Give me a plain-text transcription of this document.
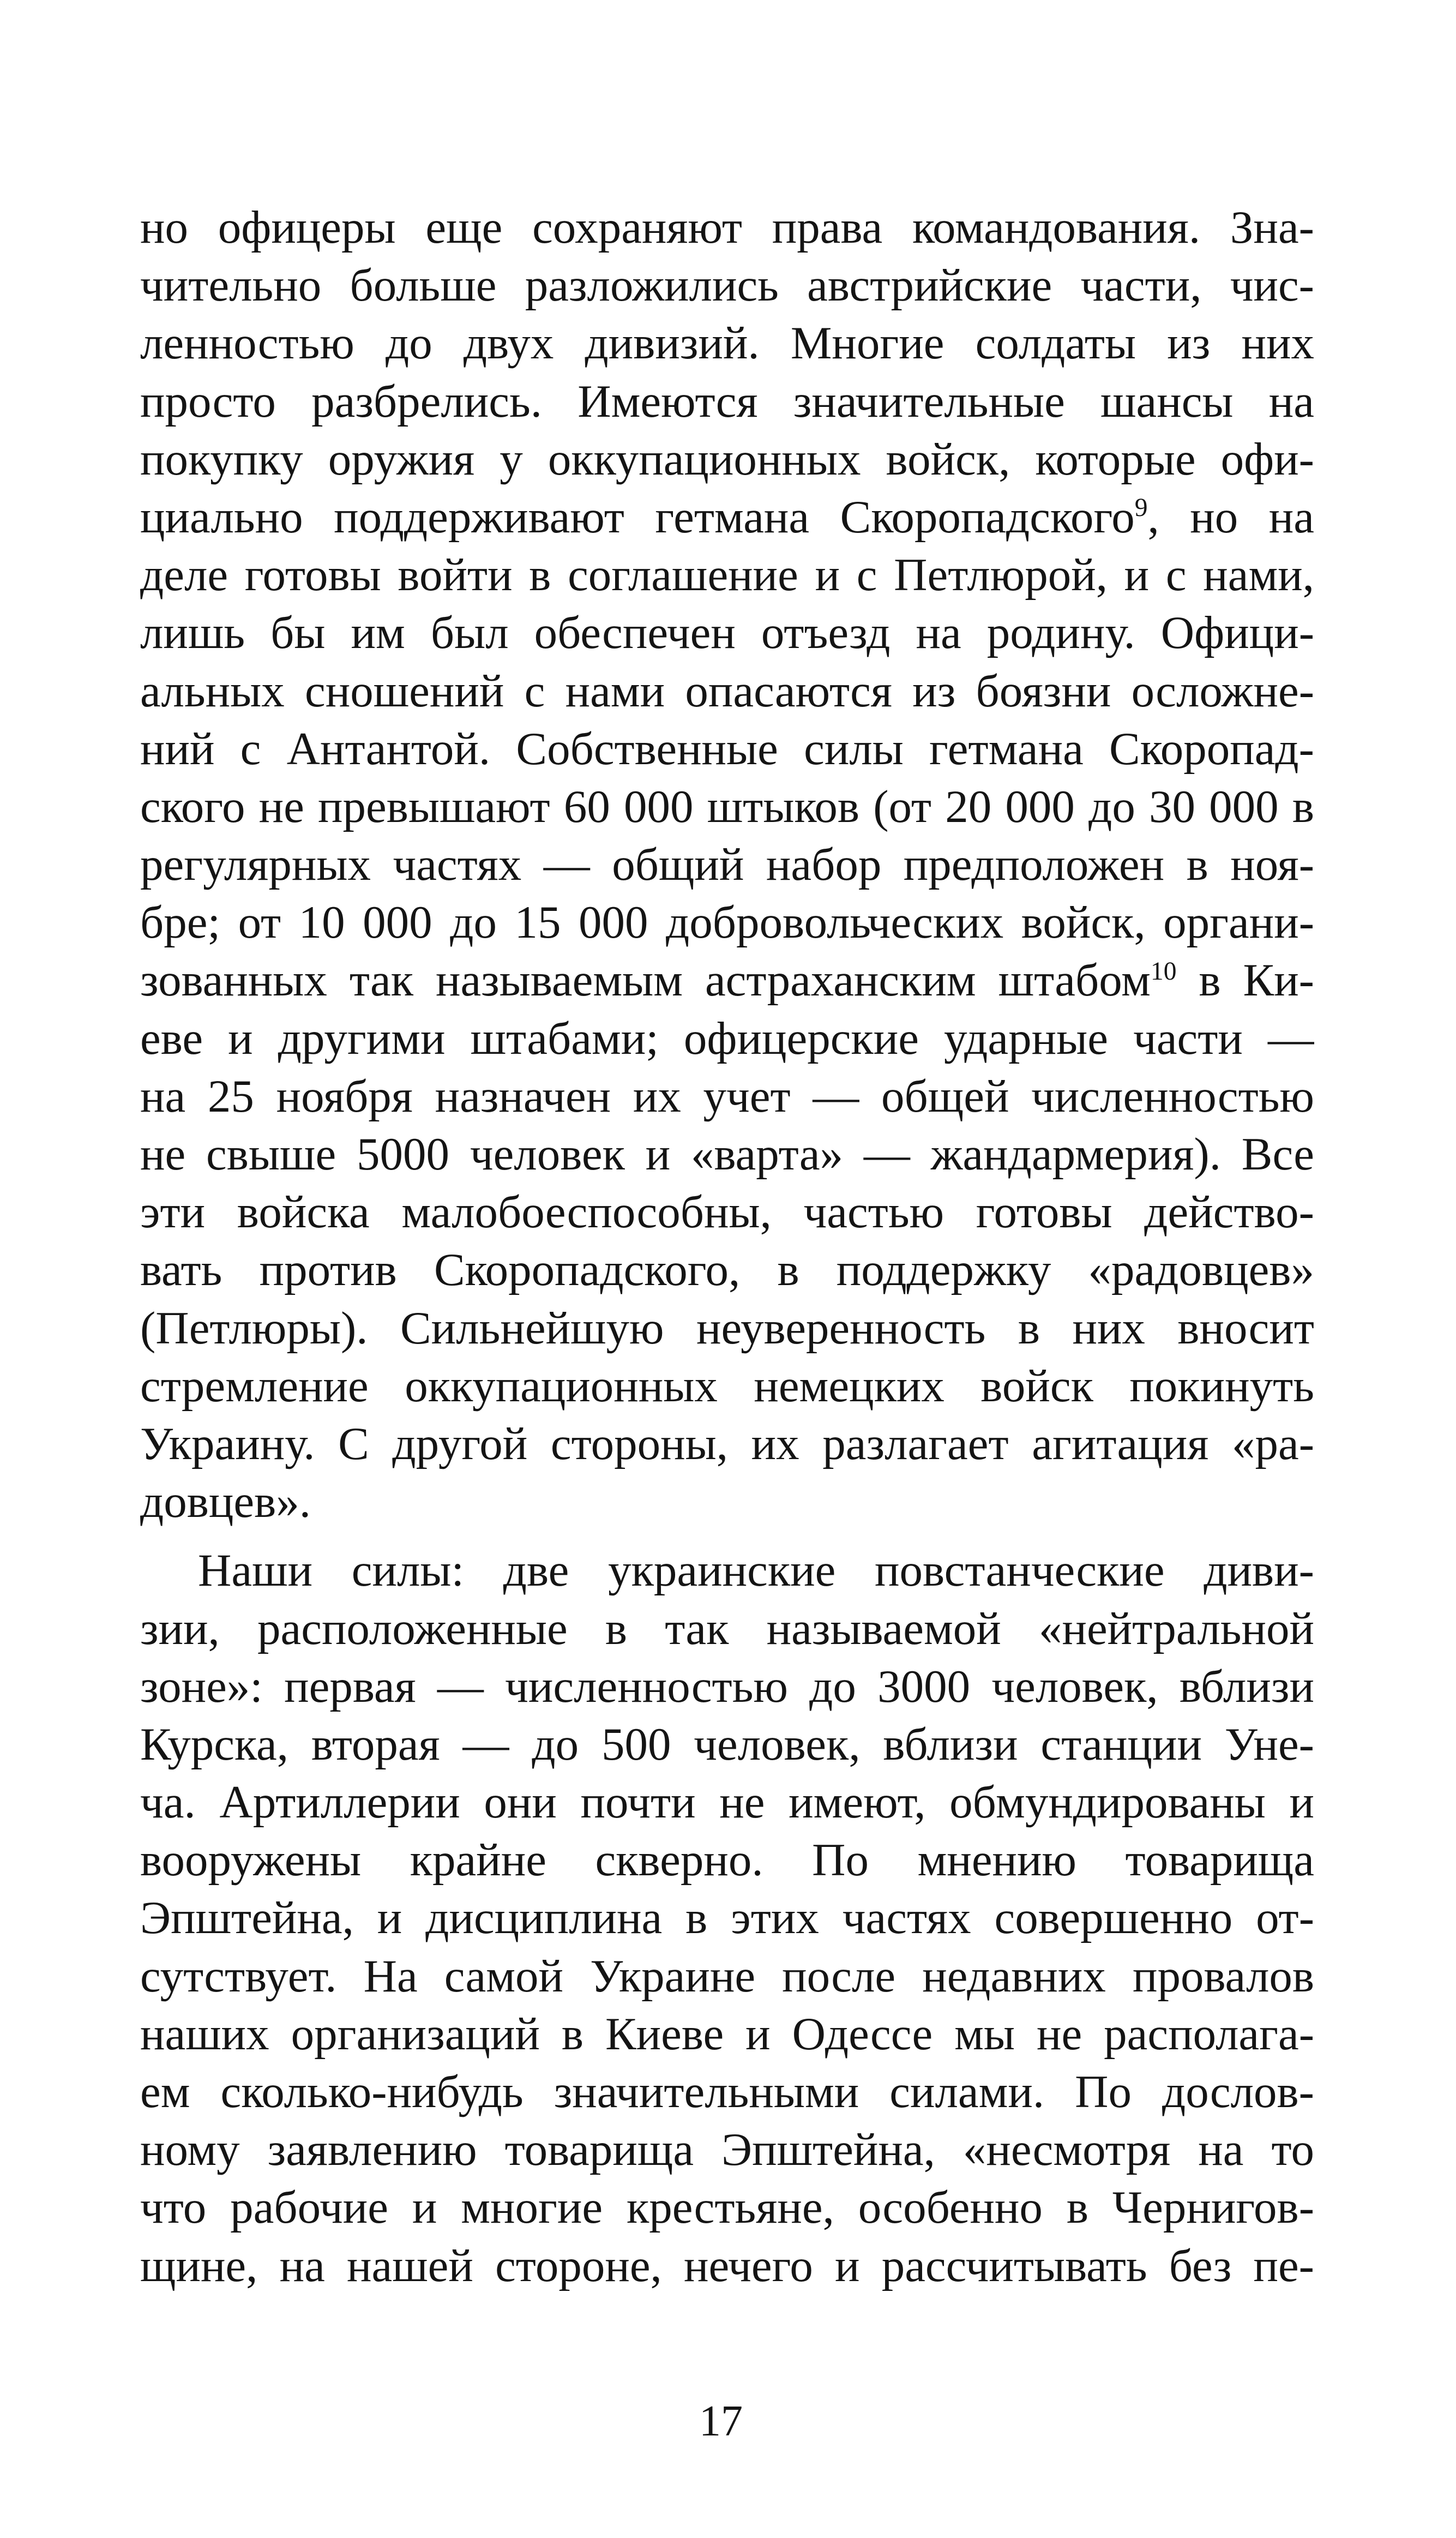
но офицеры еще сохраняют права командования. Зна-
чительно больше разложились австрийские части, чис-
ленностью до двух дивизий. Многие солдаты из них
просто разбрелись. Имеются значительные шансы на
покупку оружия у оккупационных войск, которые офи-
циально поддерживают гетмана Скоропадского$^9$, но на
деле готовы войти в соглашение и с Петлюрой, и с нами,
лишь бы им был обеспечен отъезд на родину. Офици-
альных сношений с нами опасаются из боязни осложне-
ний с Антантой. Собственные силы гетмана Скоропад-
ского не превышают 60 000 штыков (от 20 000 до 30 000 в
регулярных частях — общий набор предположен в ноя-
бре; от 10 000 до 15 000 добровольческих войск, органи-
зованных так называемым астраханским штабом$^{10}$ в Ки-
еве и другими штабами; офицерские ударные части —
на 25 ноября назначен их учет — общей численностью
не свыше 5000 человек и «варта» — жандармерия). Все
эти войска малобоеспособны, частью готовы действо-
вать против Скоропадского, в поддержку «радовцев»
(Петлюры). Сильнейшую неуверенность в них вносит
стремление оккупационных немецких войск покинуть
Украину. С другой стороны, их разлагает агитация «ра-
довцев».
Наши силы: две украинские повстанческие диви-
зии, расположенные в так называемой «нейтральной
зоне»: первая — численностью до 3000 человек, вблизи
Курска, вторая — до 500 человек, вблизи станции Уне-
ча. Артиллерии они почти не имеют, обмундированы и
вооружены крайне скверно. По мнению товарища
Эпштейна, и дисциплина в этих частях совершенно от-
сутствует. На самой Украине после недавних провалов
наших организаций в Киеве и Одессе мы не располага-
ем сколько-нибудь значительными силами. По дослов-
ному заявлению товарища Эпштейна, «несмотря на то
что рабочие и многие крестьяне, особенно в Чернигов-
щине, на нашей стороне, нечего и рассчитывать без пе-
17
